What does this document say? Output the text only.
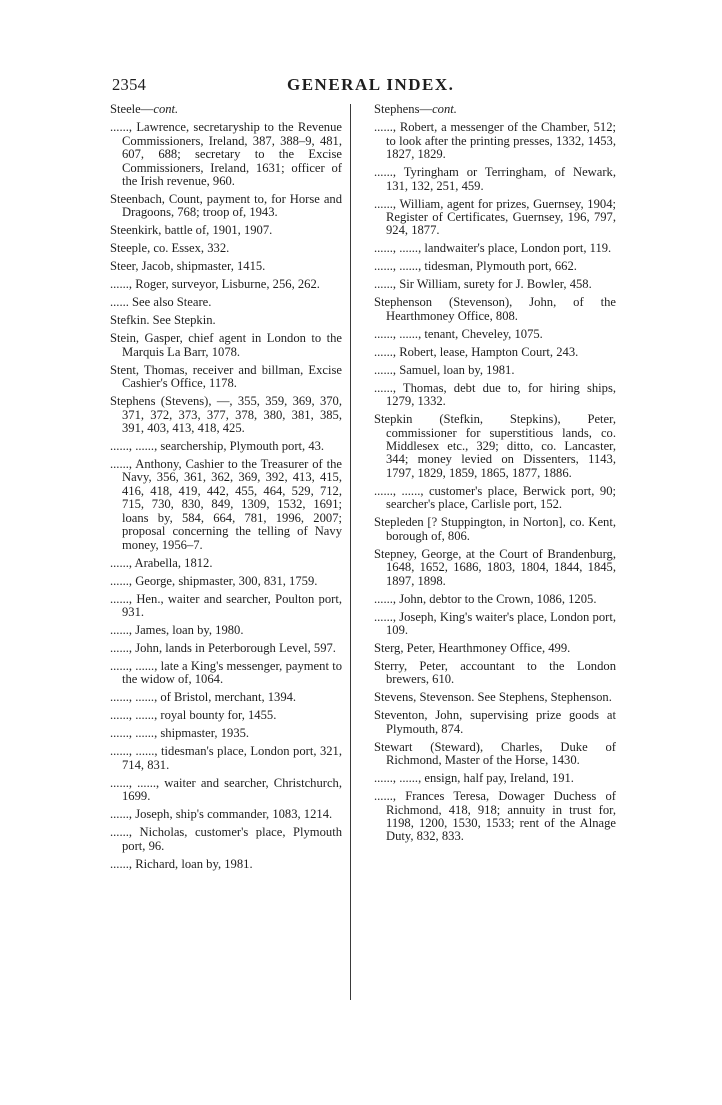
2354	GENERAL INDEX.
Steele—cont.

......, Lawrence, secretaryship to the Revenue Commissioners, Ireland, 387, 388–9, 481, 607, 688; secretary to the Excise Commissioners, Ireland, 1631; officer of the Irish revenue, 960.

Steenbach, Count, payment to, for Horse and Dragoons, 768; troop of, 1943.

Steenkirk, battle of, 1901, 1907.

Steeple, co. Essex, 332.

Steer, Jacob, shipmaster, 1415.

......, Roger, surveyor, Lisburne, 256, 262.

...... See also Steare.

Stefkin. See Stepkin.

Stein, Gasper, chief agent in London to the Marquis La Barr, 1078.

Stent, Thomas, receiver and billman, Excise Cashier's Office, 1178.

Stephens (Stevens), —, 355, 359, 369, 370, 371, 372, 373, 377, 378, 380, 381, 385, 391, 403, 413, 418, 425.

......, ......, searchership, Plymouth port, 43.

......, Anthony, Cashier to the Treasurer of the Navy, 356, 361, 362, 369, 392, 413, 415, 416, 418, 419, 442, 455, 464, 529, 712, 715, 730, 830, 849, 1309, 1532, 1691; loans by, 584, 664, 781, 1996, 2007; proposal concerning the telling of Navy money, 1956–7.

......, Arabella, 1812.

......, George, shipmaster, 300, 831, 1759.

......, Hen., waiter and searcher, Poulton port, 931.

......, James, loan by, 1980.

......, John, lands in Peterborough Level, 597.

......, ......, late a King's messenger, payment to the widow of, 1064.

......, ......, of Bristol, merchant, 1394.

......, ......, royal bounty for, 1455.

......, ......, shipmaster, 1935.

......, ......, tidesman's place, London port, 321, 714, 831.

......, ......, waiter and searcher, Christchurch, 1699.

......, Joseph, ship's commander, 1083, 1214.

......, Nicholas, customer's place, Plymouth port, 96.

......, Richard, loan by, 1981.

Stephens—cont.

......, Robert, a messenger of the Chamber, 512; to look after the printing presses, 1332, 1453, 1827, 1829.

......, Tyringham or Terringham, of Newark, 131, 132, 251, 459.

......, William, agent for prizes, Guernsey, 1904; Register of Certificates, Guernsey, 196, 797, 924, 1877.

......, ......, landwaiter's place, London port, 119.

......, ......, tidesman, Plymouth port, 662.

......, Sir William, surety for J. Bowler, 458.

Stephenson (Stevenson), John, of the Hearthmoney Office, 808.

......, ......, tenant, Cheveley, 1075.

......, Robert, lease, Hampton Court, 243.

......, Samuel, loan by, 1981.

......, Thomas, debt due to, for hiring ships, 1279, 1332.

Stepkin (Stefkin, Stepkins), Peter, commissioner for superstitious lands, co. Middlesex etc., 329; ditto, co. Lancaster, 344; money levied on Dissenters, 1143, 1797, 1829, 1859, 1865, 1877, 1886.

......, ......, customer's place, Berwick port, 90; searcher's place, Carlisle port, 152.

Stepleden [? Stuppington, in Norton], co. Kent, borough of, 806.

Stepney, George, at the Court of Brandenburg, 1648, 1652, 1686, 1803, 1804, 1844, 1845, 1897, 1898.

......, John, debtor to the Crown, 1086, 1205.

......, Joseph, King's waiter's place, London port, 109.

Sterg, Peter, Hearthmoney Office, 499.

Sterry, Peter, accountant to the London brewers, 610.

Stevens, Stevenson. See Stephens, Stephenson.

Steventon, John, supervising prize goods at Plymouth, 874.

Stewart (Steward), Charles, Duke of Richmond, Master of the Horse, 1430.

......, ......, ensign, half pay, Ireland, 191.

......, Frances Teresa, Dowager Duchess of Richmond, 418, 918; annuity in trust for, 1198, 1200, 1530, 1533; rent of the Alnage Duty, 832, 833.
